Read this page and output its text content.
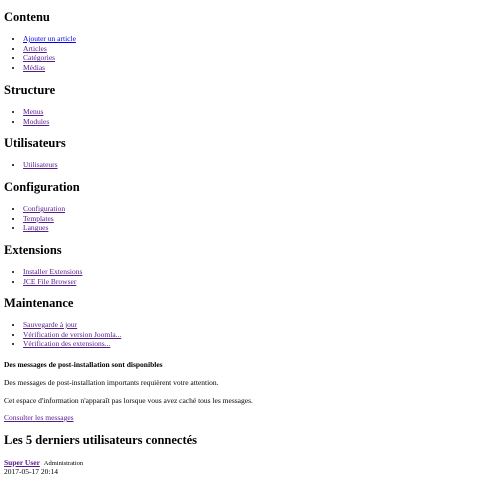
Contenu
• Ajouter un article
• Articles
• Catégories
• Médias
Structure
• Menus
• Modules
Utilisateurs
• Utilisateurs
Configuration
• Configuration
• Templates
• Langues
Extensions
• Installer Extensions
• JCE File Browser
Maintenance
• Sauvegarde à jour
• Vérification de version Joomla...
• Vérification des extensions...
Des messages de post-installation sont disponibles
Des messages de post-installation importants requièrent votre attention.
Cet espace d'information n'apparaît pas lorsque vous avez caché tous les messages.
Consulter les messages
Les 5 derniers utilisateurs connectés
Super User Administration
2017-05-17 20:14
